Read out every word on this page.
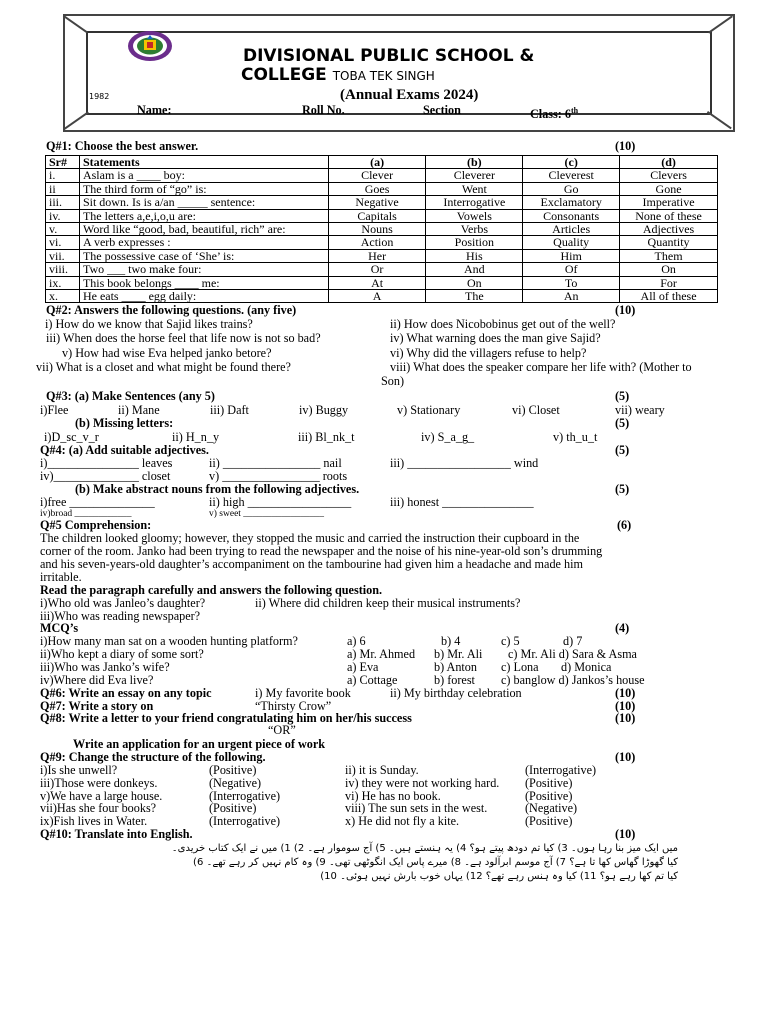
DIVISIONAL PUBLIC SCHOOL &
COLLEGE TOBA TEK SINGH
(Annual Exams 2024)
1982
Name:	Roll No.	Section	Class: 6th
Q#1: Choose the best answer.	(10)
Sr#	Statements	(a)	(b)	(c)	(d)
i.	Aslam is a ____ boy:	Clever	Cleverer	Cleverest	Clevers
ii	The third form of “go” is:	Goes	Went	Go	Gone
iii.	Sit down. Is is a/an _____ sentence:	Negative	Interrogative	Exclamatory	Imperative
iv.	The letters a,e,i,o,u are:	Capitals	Vowels	Consonants	None of these
v.	Word like “good, bad, beautiful, rich” are:	Nouns	Verbs	Articles	Adjectives
vi.	A verb expresses :	Action	Position	Quality	Quantity
vii.	The possessive case of ‘She’ is:	Her	His	Him	Them
viii.	Two ___ two make four:	Or	And	Of	On
ix.	This book belongs ____ me:	At	On	To	For
x.	He eats ____ egg daily:	A	The	An	All of these
Q#2: Answers the following questions. (any five)	(10)
i) How do we know that Sajid likes trains?	ii) How does Nicobobinus get out of the well?
iii) When does the horse feel that life now is not so bad?	iv) What warning does the man give Sajid?
v) How had wise Eva helped janko betore?	vi) Why did the villagers refuse to help?
vii) What is a closet and what might be found there?	viii) What does the speaker compare her life with? (Mother to
Son)
Q#3: (a) Make Sentences (any 5)	(5)
i)Flee	ii) Mane	iii) Daft	iv) Buggy	v) Stationary	vi) Closet	vii) weary
(b) Missing letters:	(5)
i)D_sc_v_r	ii) H_n_y	iii) Bl_nk_t	iv) S_a_g_	v) th_u_t
Q#4: (a) Add suitable adjectives.	(5)
i)_______________ leaves	ii) ________________ nail	iii) _________________ wind
iv)______________ closet	v) ________________ roots
(b) Make abstract nouns from the following adjectives.	(5)
i)free ______________	ii) high _________________	iii) honest _______________
iv)broad ____________	v) sweet _________________
Q#5 Comprehension:	(6)
The children looked gloomy; however, they stopped the music and carried the instruction their cupboard in the
corner of the room. Janko had been trying to read the newspaper and the noise of his nine-year-old son’s drumming
and his seven-years-old daughter’s accompaniment on the tambourine had given him a headache and made him
irritable.
Read the paragraph carefully and answers the following question.
i)Who old was Janleo’s daughter?	ii) Where did children keep their musical instruments?
iii)Who was reading newspaper?
MCQ’s	(4)
i)How many man sat on a wooden hunting platform?	a) 6	b) 4	c) 5	d) 7
ii)Who kept a diary of some sort?	a) Mr. Ahmed b) Mr. Ali c) Mr. Ali d) Sara & Asma
iii)Who was Janko’s wife?	a) Eva	b) Anton c) Lona d) Monica
iv)Where did Eva live?	a) Cottage	b) forest c) banglow d) Jankos’s house
Q#6: Write an essay on any topic	i) My favorite book	ii) My birthday celebration	(10)
Q#7: Write a story on	“Thirsty Crow”	(10)
Q#8: Write a letter to your friend congratulating him on her/his success	(10)
“OR”
Write an application for an urgent piece of work
Q#9: Change the structure of the following.	(10)
i)Is she unwell?	(Positive)	ii) it is Sunday.	(Interrogative)
iii)Those were donkeys.	(Negative)	iv) they were not working hard. (Positive)
v)We have a large house.	(Interrogative)	vi) He has no book.	(Positive)
vii)Has she four books?	(Positive)	viii) The sun sets in the west.	(Negative)
ix)Fish lives in Water.	(Interrogative)	x) He did not fly a kite.	(Positive)
Q#10: Translate into English.	(10)
میں ایک میز بنا رہا ہوں۔ 3) کیا تم دودھ پیتے ہو؟ 4) یہ ہنستے ہیں۔ 5) آج سوموار ہے۔ 2) 1) میں نے ایک کتاب خریدی۔
کیا گھوڑا گھاس کھا تا ہے؟ 7) آج موسم ابرآلود ہے۔ 8) میرے پاس ایک انگوٹھی تھی۔ 9) وہ کام نہیں کر رہے تھے۔ 6)
کیا تم کھا رہے ہو؟ 11) کیا وہ ہنس رہے تھے؟ 12) یہاں خوب بارش نہیں ہوئی۔ 10)
